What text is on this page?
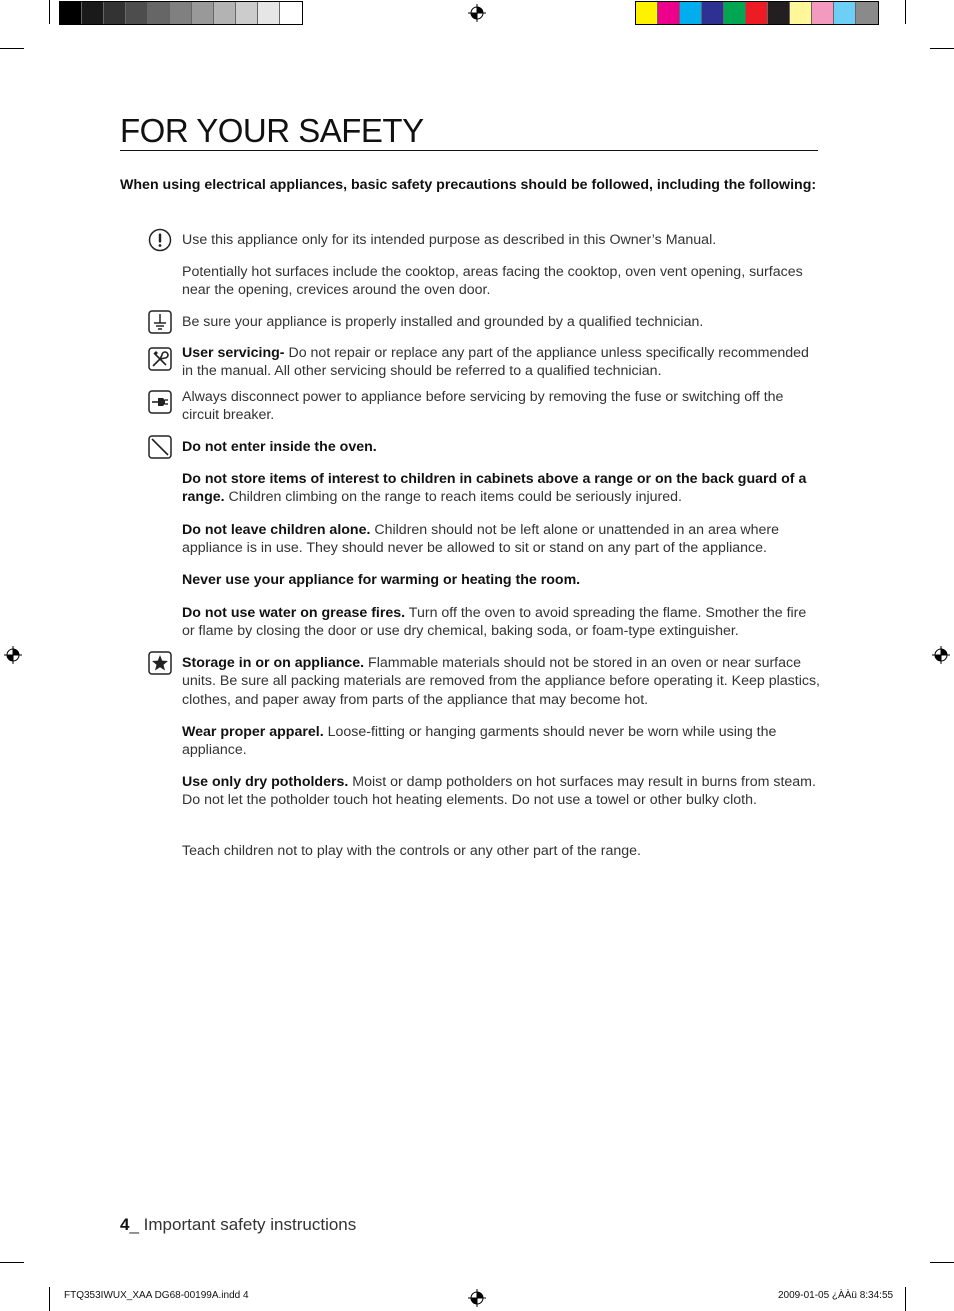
FOR YOUR SAFETY
When using electrical appliances, basic safety precautions should be followed, including the following:
Use this appliance only for its intended purpose as described in this Owner’s Manual.
Potentially hot surfaces include the cooktop, areas facing the cooktop, oven vent opening, surfaces near the opening, crevices around the oven door.
Be sure your appliance is properly installed and grounded by a qualified technician.
User servicing- Do not repair or replace any part of the appliance unless specifically recommended in the manual. All other servicing should be referred to a qualified technician.
Always disconnect power to appliance before servicing by removing the fuse or switching off the circuit breaker.
Do not enter inside the oven.
Do not store items of interest to children in cabinets above a range or on the back guard of a range. Children climbing on the range to reach items could be seriously injured.
Do not leave children alone. Children should not be left alone or unattended in an area where appliance is in use. They should never be allowed to sit or stand on any part of the appliance.
Never use your appliance for warming or heating the room.
Do not use water on grease fires. Turn off the oven to avoid spreading the flame. Smother the fire or flame by closing the door or use dry chemical, baking soda, or foam-type extinguisher.
Storage in or on appliance. Flammable materials should not be stored in an oven or near surface units. Be sure all packing materials are removed from the appliance before operating it. Keep plastics, clothes, and paper away from parts of the appliance that may become hot.
Wear proper apparel. Loose-fitting or hanging garments should never be worn while using the appliance.
Use only dry potholders. Moist or damp potholders on hot surfaces may result in burns from steam. Do not let the potholder touch hot heating elements. Do not use a towel or other bulky cloth.
Teach children not to play with the controls or any other part of the range.
4_ Important safety instructions
FTQ353IWUX_XAA DG68-00199A.indd 4	2009-01-05 ¿ÀÀü 8:34:55
